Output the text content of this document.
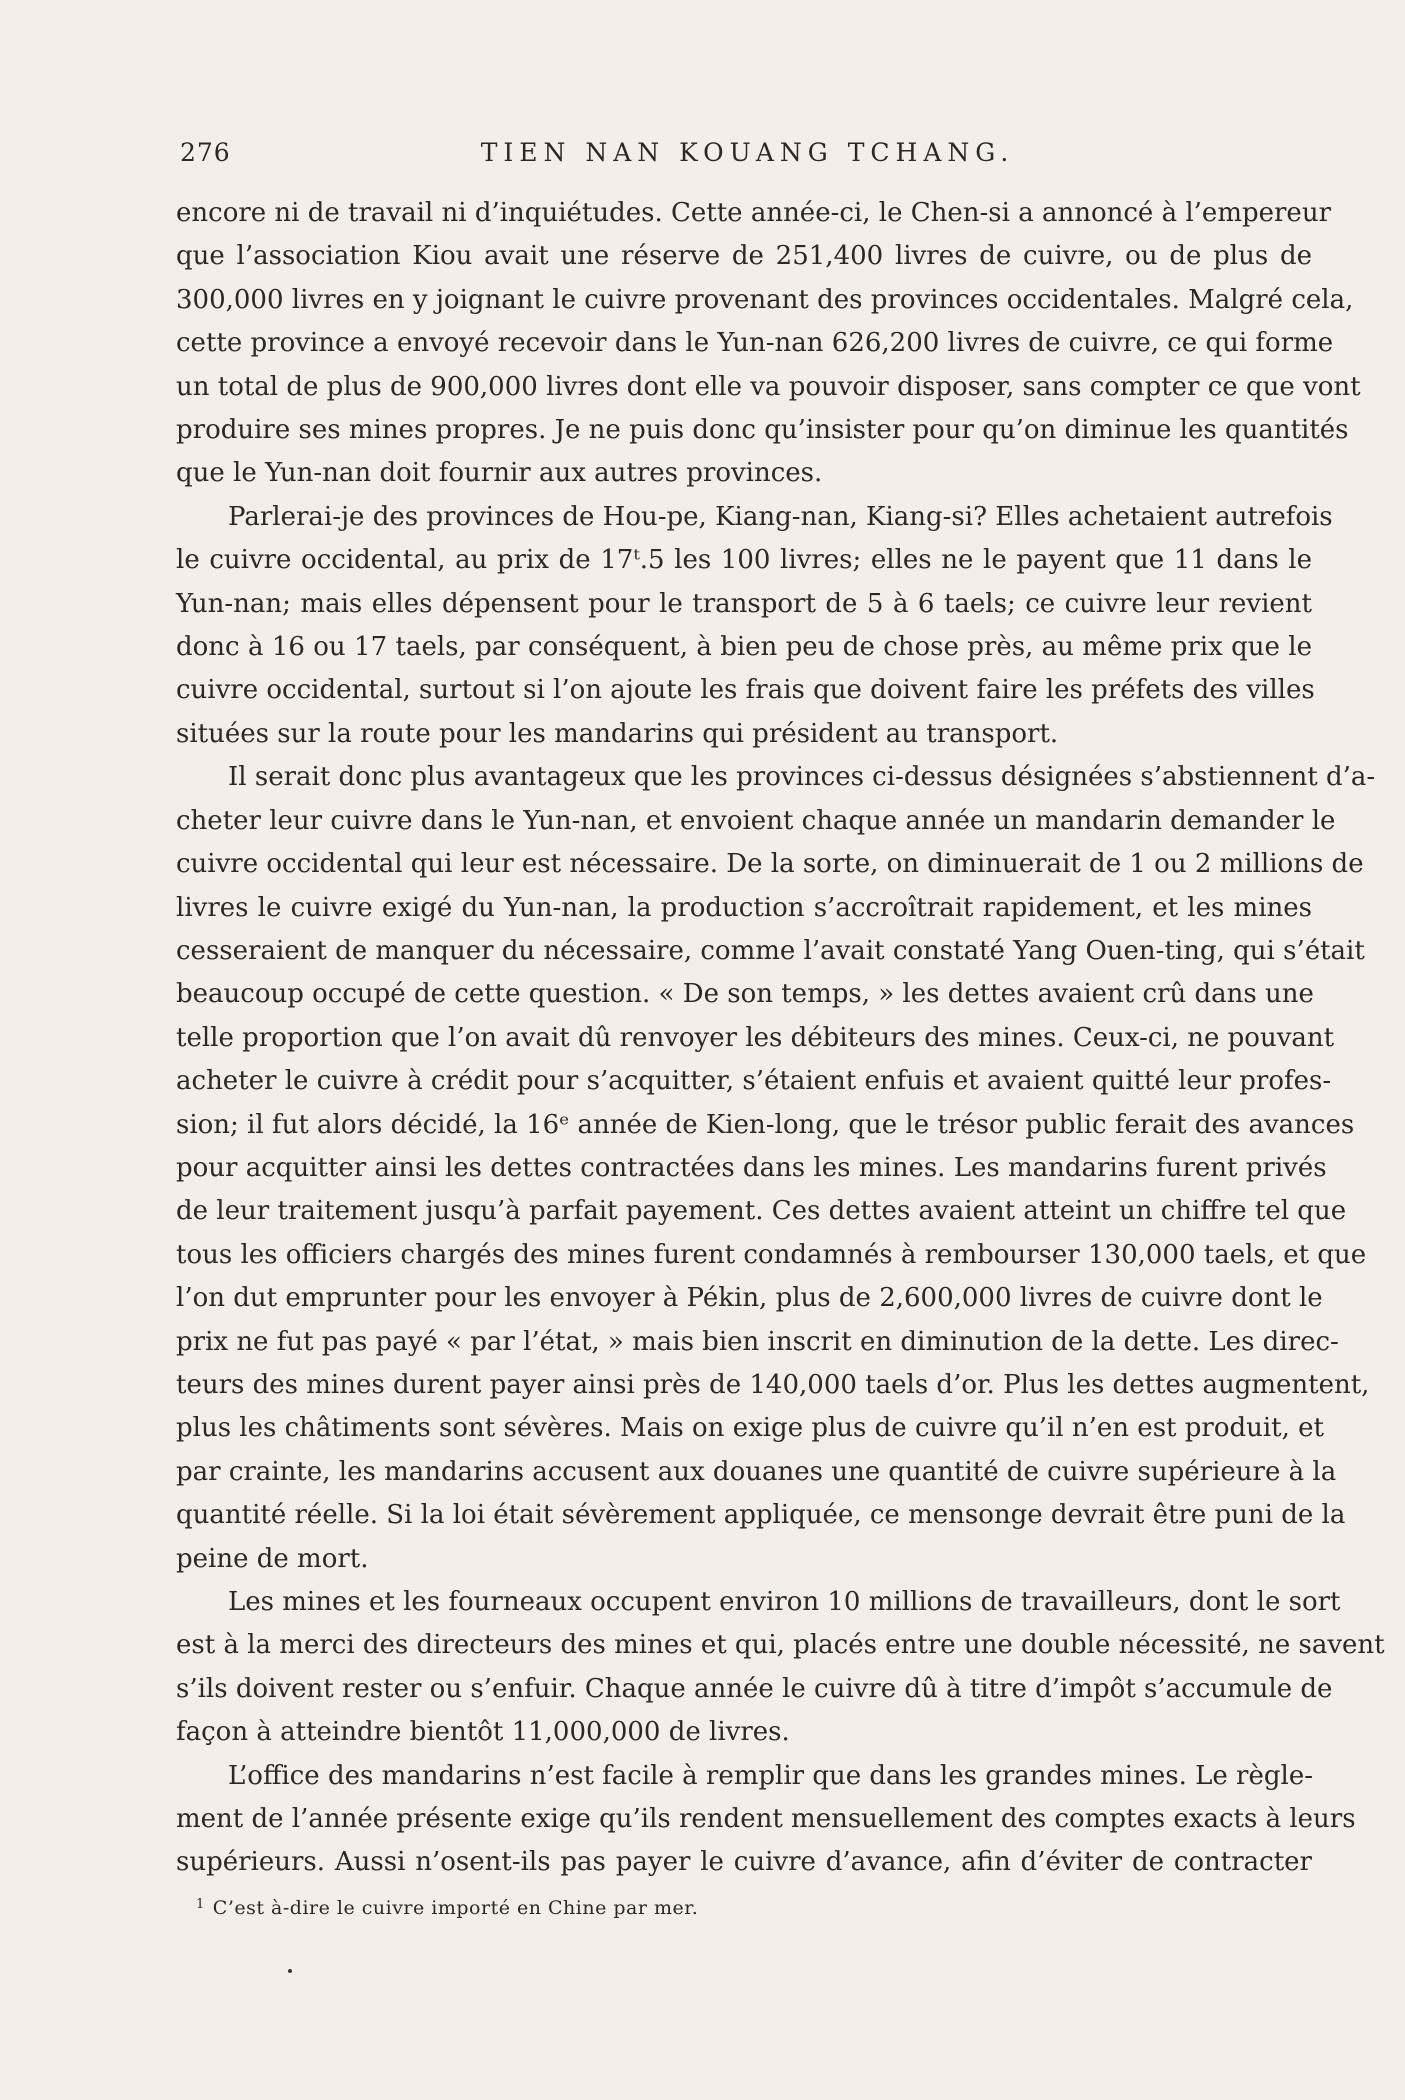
276	TIEN NAN KOUANG TCHANG.

encore ni de travail ni d’inquiétudes. Cette année-ci, le Chen-si a annoncé à l’empereur

que l’association Kiou avait une réserve de 251,400 livres de cuivre, ou de plus de

300,000 livres en y joignant le cuivre provenant des provinces occidentales. Malgré cela,

cette province a envoyé recevoir dans le Yun-nan 626,200 livres de cuivre, ce qui forme

un total de plus de 900,000 livres dont elle va pouvoir disposer, sans compter ce que vont

produire ses mines propres. Je ne puis donc qu’insister pour qu’on diminue les quantités

que le Yun-nan doit fournir aux autres provinces.

Parlerai-je des provinces de Hou-pe, Kiang-nan, Kiang-si? Elles achetaient autrefois

le cuivre occidental, au prix de 17ᵗ.5 les 100 livres; elles ne le payent que 11 dans le

Yun-nan; mais elles dépensent pour le transport de 5 à 6 taels; ce cuivre leur revient

donc à 16 ou 17 taels, par conséquent, à bien peu de chose près, au même prix que le

cuivre occidental, surtout si l’on ajoute les frais que doivent faire les préfets des villes

situées sur la route pour les mandarins qui président au transport.

Il serait donc plus avantageux que les provinces ci-dessus désignées s’abstiennent d’a-

cheter leur cuivre dans le Yun-nan, et envoient chaque année un mandarin demander le

cuivre occidental qui leur est nécessaire. De la sorte, on diminuerait de 1 ou 2 millions de

livres le cuivre exigé du Yun-nan, la production s’accroîtrait rapidement, et les mines

cesseraient de manquer du nécessaire, comme l’avait constaté Yang Ouen-ting, qui s’était

beaucoup occupé de cette question. « De son temps, » les dettes avaient crû dans une

telle proportion que l’on avait dû renvoyer les débiteurs des mines. Ceux-ci, ne pouvant

acheter le cuivre à crédit pour s’acquitter, s’étaient enfuis et avaient quitté leur profes-

sion; il fut alors décidé, la 16ᵉ année de Kien-long, que le trésor public ferait des avances

pour acquitter ainsi les dettes contractées dans les mines. Les mandarins furent privés

de leur traitement jusqu’à parfait payement. Ces dettes avaient atteint un chiffre tel que

tous les officiers chargés des mines furent condamnés à rembourser 130,000 taels, et que

l’on dut emprunter pour les envoyer à Pékin, plus de 2,600,000 livres de cuivre dont le

prix ne fut pas payé « par l’état, » mais bien inscrit en diminution de la dette. Les direc-

teurs des mines durent payer ainsi près de 140,000 taels d’or. Plus les dettes augmentent,

plus les châtiments sont sévères. Mais on exige plus de cuivre qu’il n’en est produit, et

par crainte, les mandarins accusent aux douanes une quantité de cuivre supérieure à la

quantité réelle. Si la loi était sévèrement appliquée, ce mensonge devrait être puni de la

peine de mort.

Les mines et les fourneaux occupent environ 10 millions de travailleurs, dont le sort

est à la merci des directeurs des mines et qui, placés entre une double nécessité, ne savent

s’ils doivent rester ou s’enfuir. Chaque année le cuivre dû à titre d’impôt s’accumule de

façon à atteindre bientôt 11,000,000 de livres.

L’office des mandarins n’est facile à remplir que dans les grandes mines. Le règle-

ment de l’année présente exige qu’ils rendent mensuellement des comptes exacts à leurs

supérieurs. Aussi n’osent-ils pas payer le cuivre d’avance, afin d’éviter de contracter

$^1$ C’est à-dire le cuivre importé en Chine par mer.
